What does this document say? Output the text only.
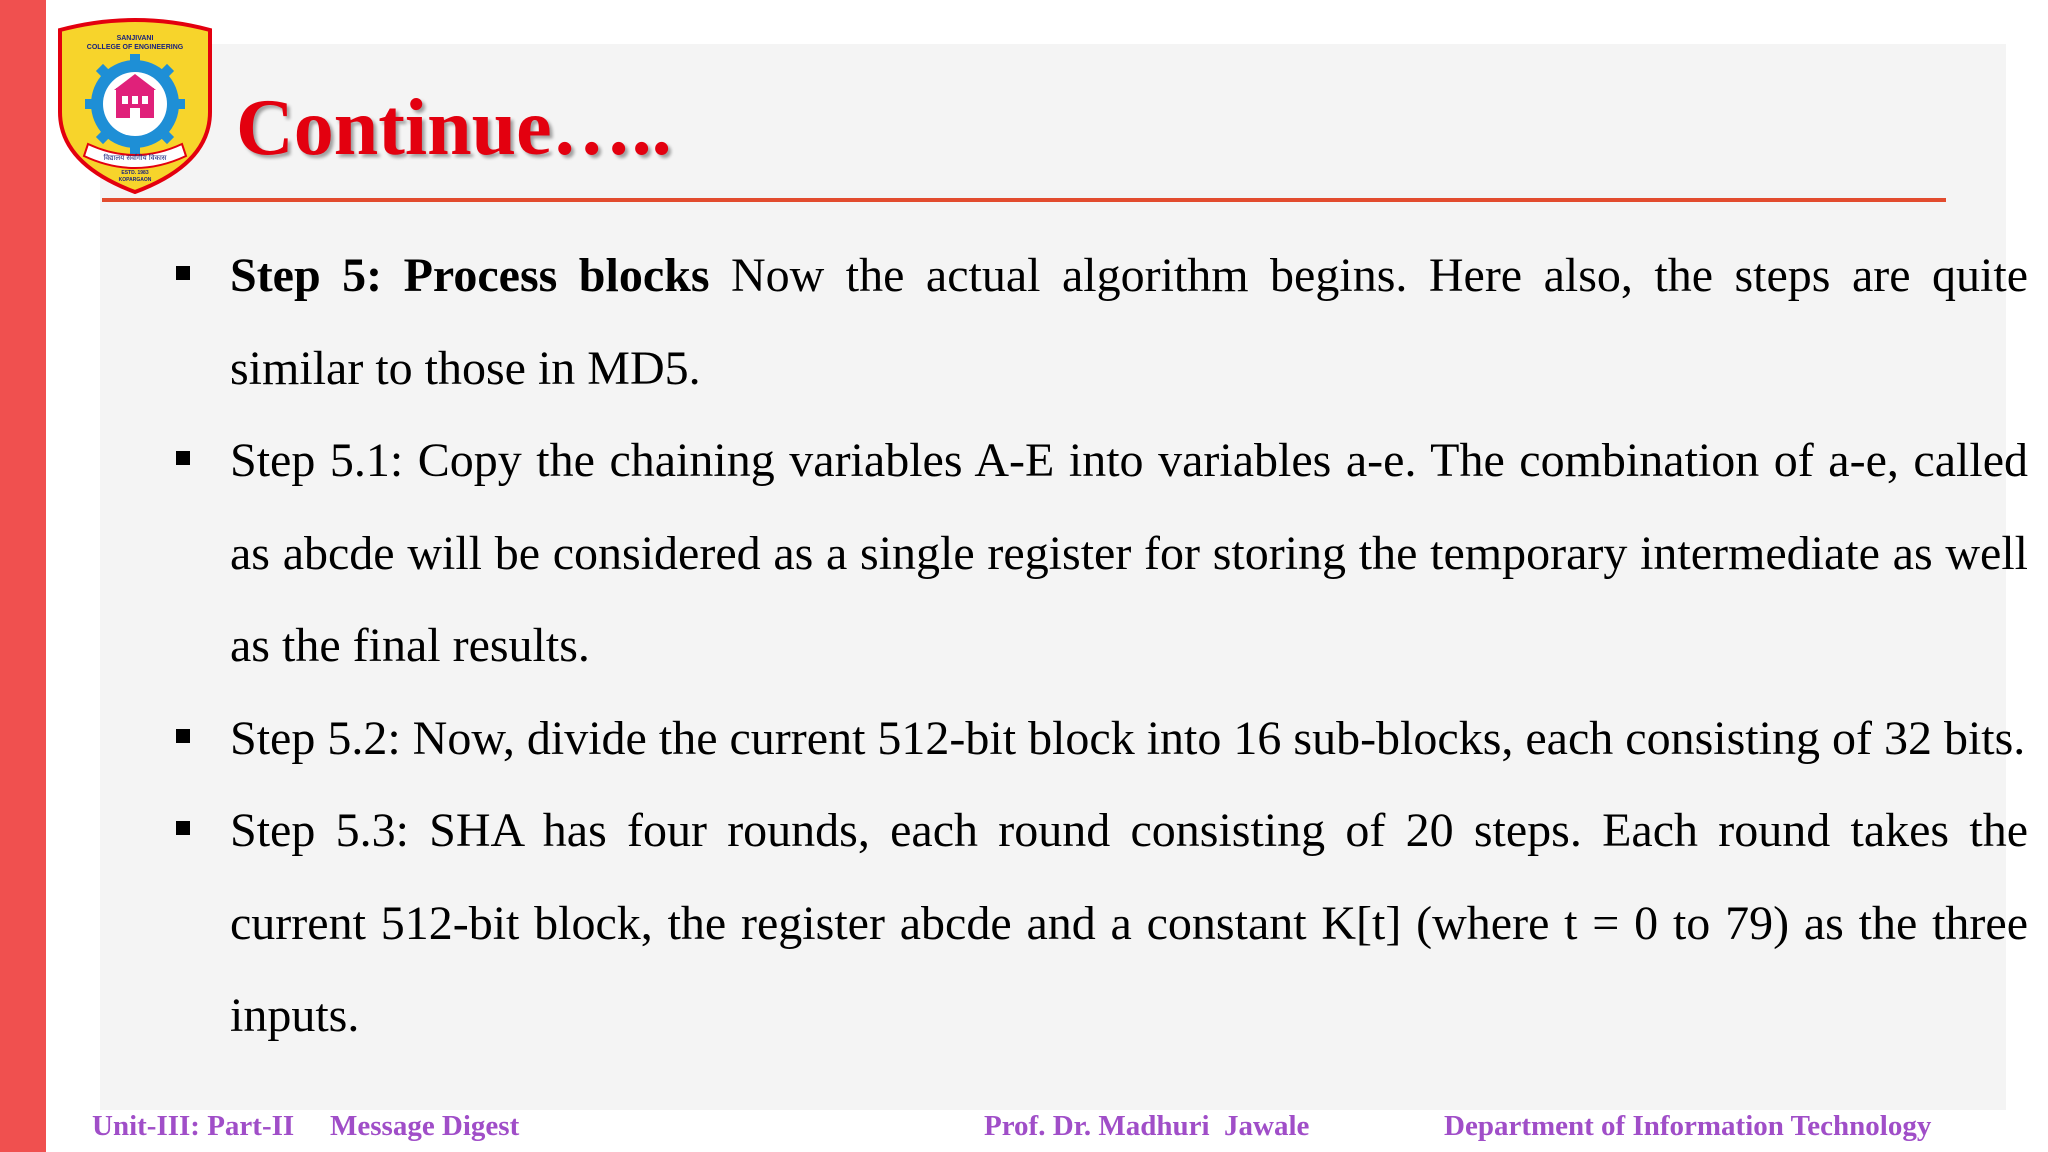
SANJIVANI
COLLEGE OF ENGINEERING
विद्यालय सर्वांगीय विकास
ESTD. 1983
KOPARGAON
Continue…..
Step 5: Process blocks Now the actual algorithm begins. Here also, the steps are quite similar to those in MD5.
Step 5.1: Copy the chaining variables A-E into variables a-e. The combination of a-e, called as abcde will be considered as a single register for storing the temporary intermediate as well as the final results.
Step 5.2: Now, divide the current 512-bit block into 16 sub-blocks, each consisting of 32 bits.
Step 5.3: SHA has four rounds, each round consisting of 20 steps. Each round takes the current 512-bit block, the register abcde and a constant K[t] (where t = 0 to 79) as the three inputs.
Unit-III: Part-II Message Digest	Prof. Dr. Madhuri  Jawale	Department of Information Technology
